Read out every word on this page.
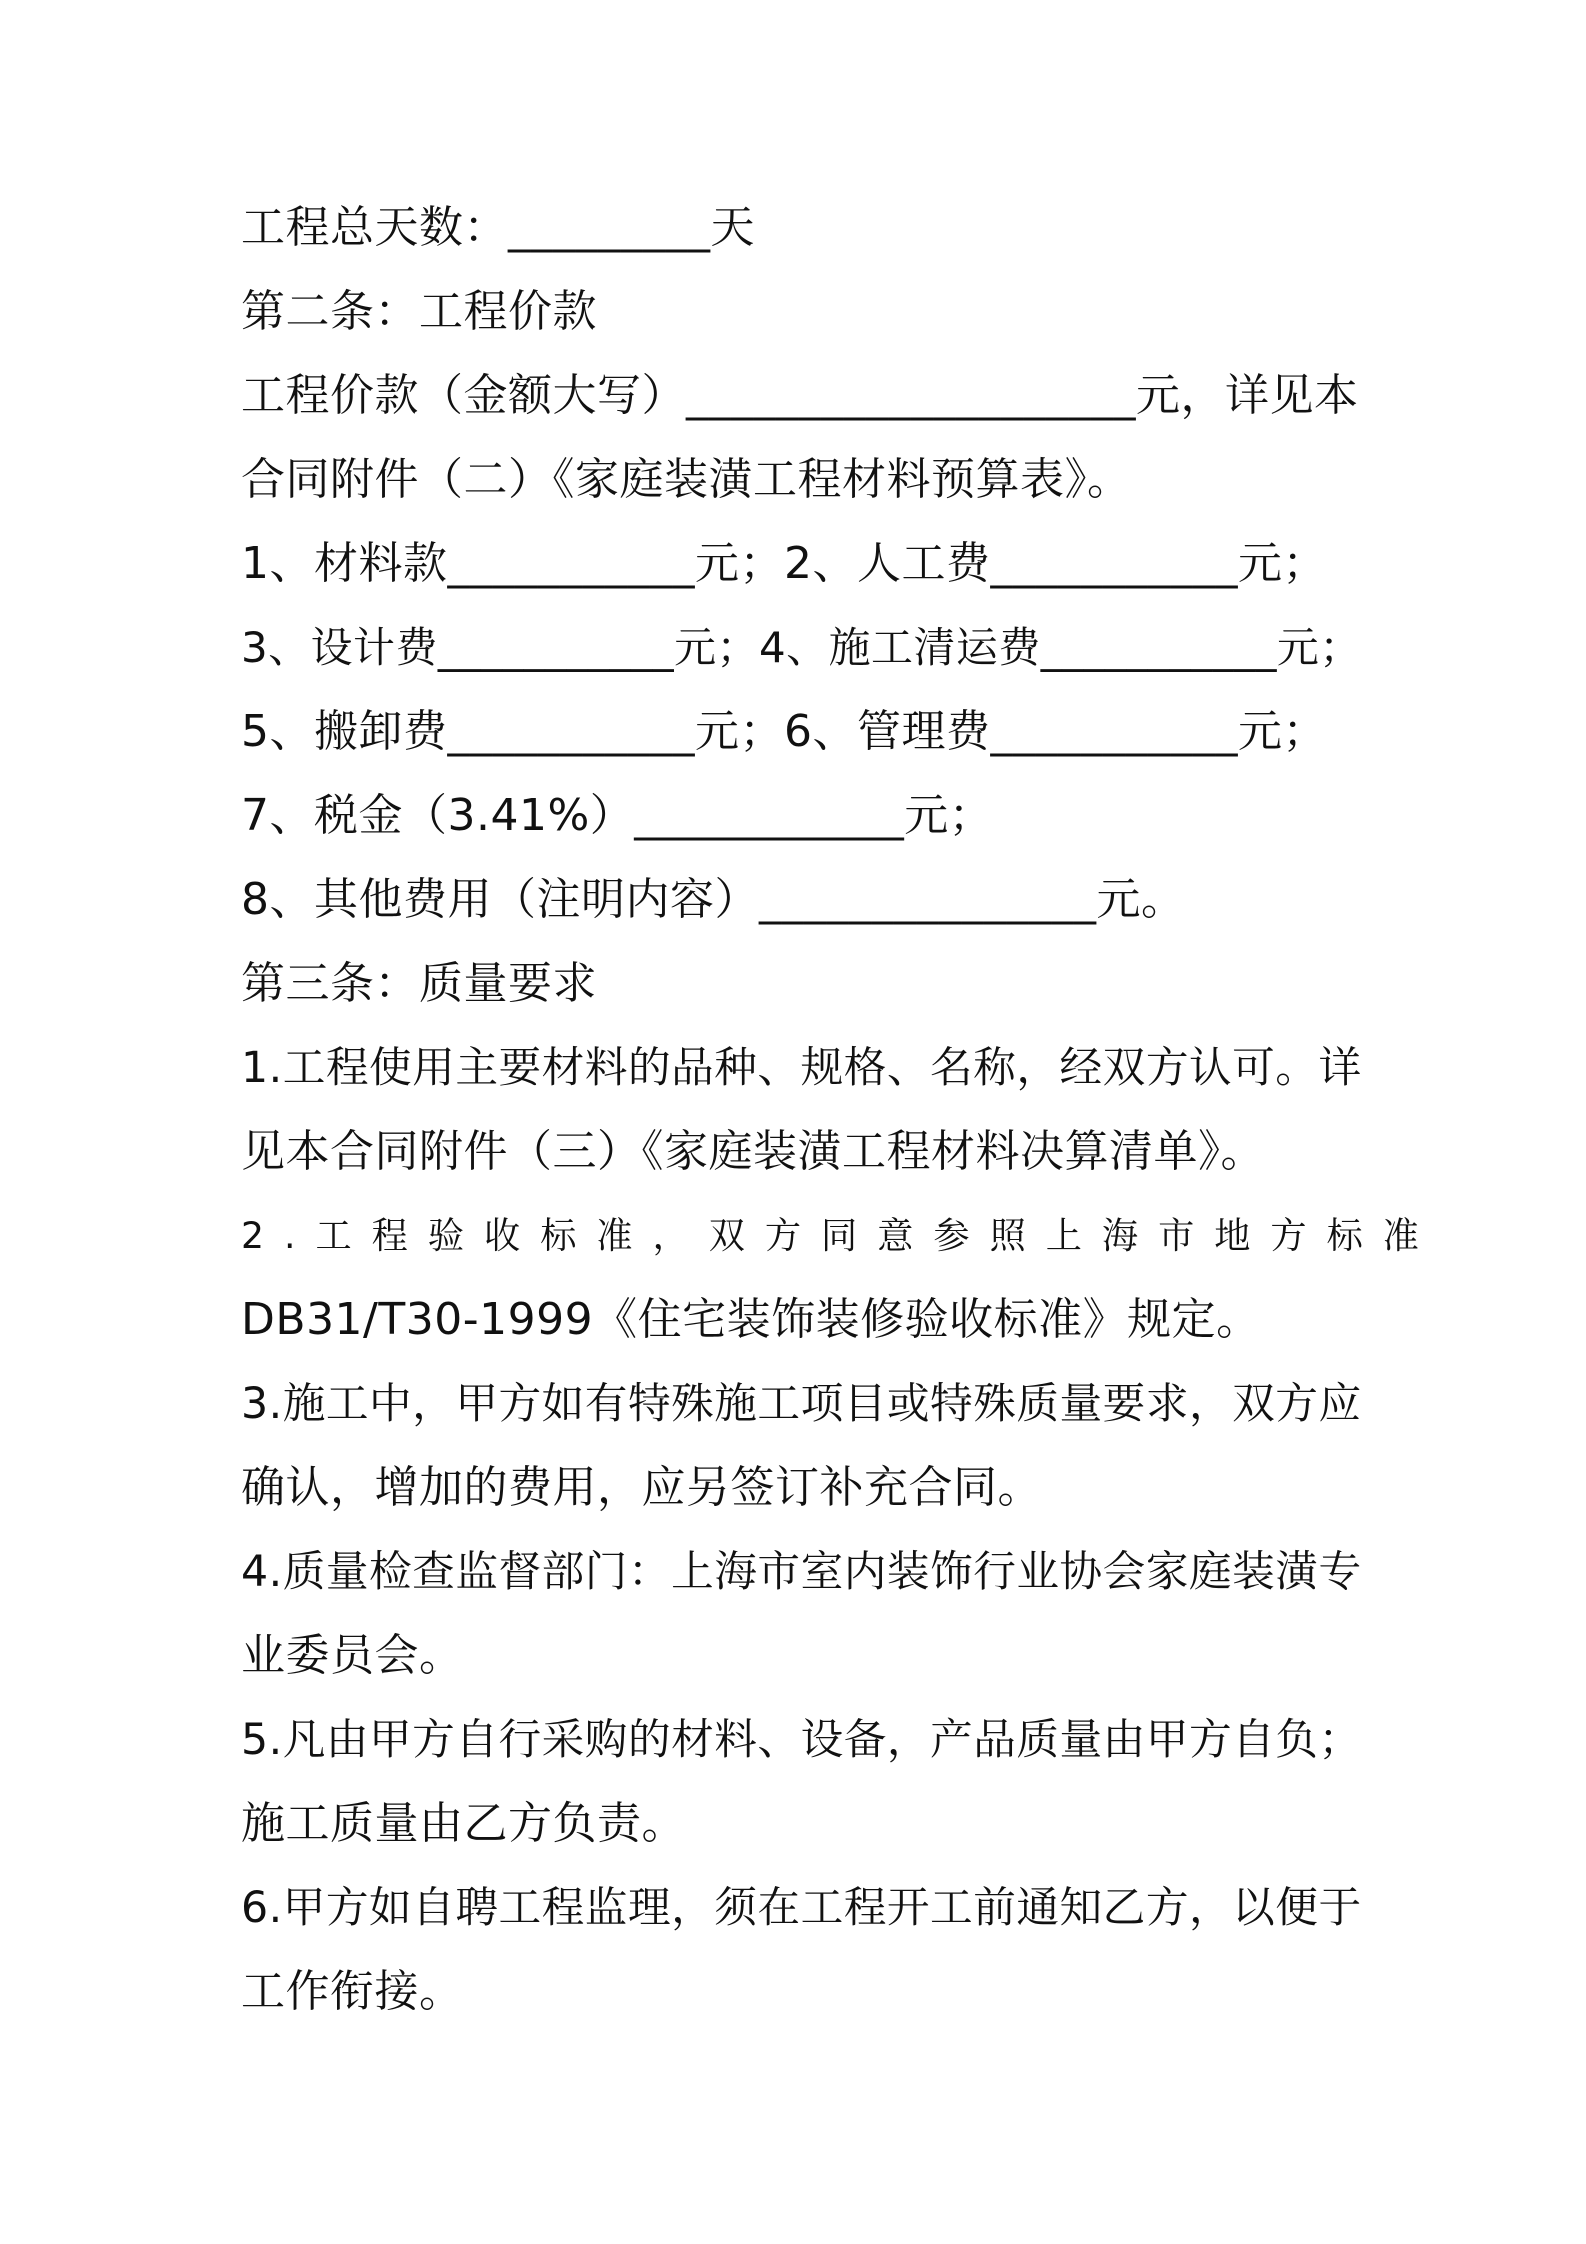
工程总天数：_________天
第二条：工程价款
工程价款（金额大写）____________________元，详见本
合同附件（二）《家庭装潢工程材料预算表》。
1、材料款___________元；2、人工费___________元；
3、设计费___________元；4、施工清运费___________元；
5、搬卸费___________元；6、管理费___________元；
7、税金（3.41%）____________元；
8、其他费用（注明内容）_______________元。
第三条：质量要求
1.工程使用主要材料的品种、规格、名称，经双方认可。详
见本合同附件（三）《家庭装潢工程材料决算清单》。
2.工程验收标准，双方同意参照上海市地方标准
DB31/T30-1999《住宅装饰装修验收标准》规定。
3.施工中，甲方如有特殊施工项目或特殊质量要求，双方应
确认，增加的费用，应另签订补充合同。
4.质量检查监督部门：上海市室内装饰行业协会家庭装潢专
业委员会。
5.凡由甲方自行采购的材料、设备，产品质量由甲方自负；
施工质量由乙方负责。
6.甲方如自聘工程监理，须在工程开工前通知乙方，以便于
工作衔接。
